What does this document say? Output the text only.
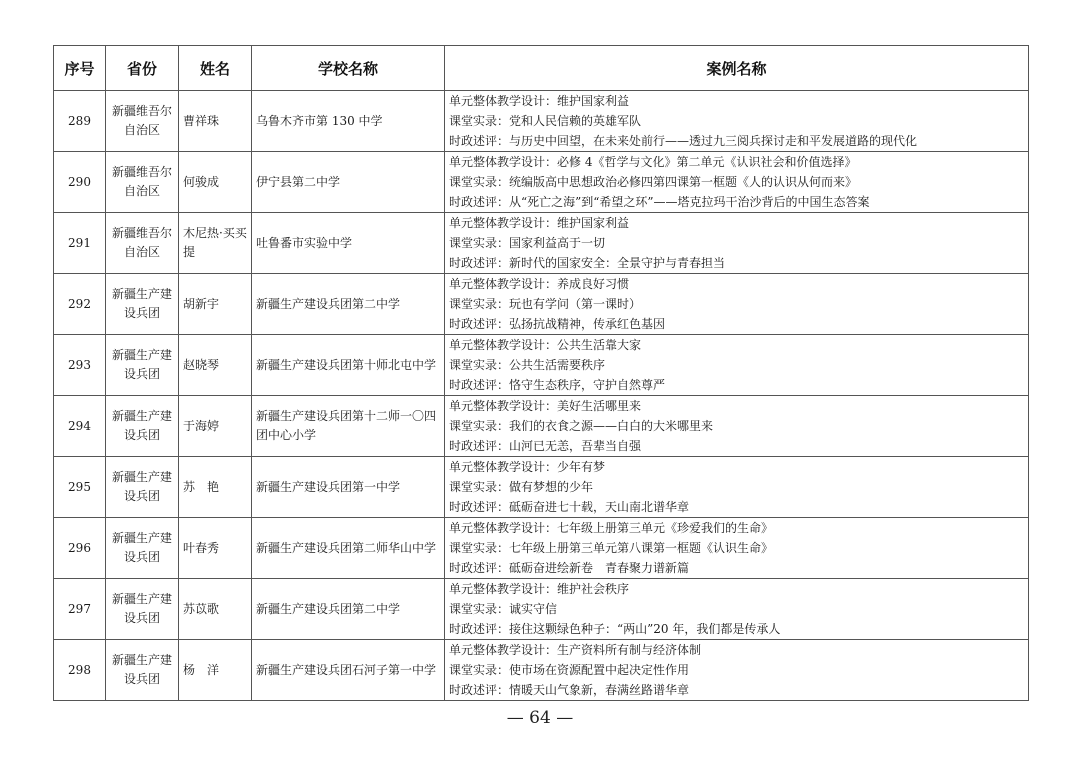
序号	省份	姓名	学校名称	案例名称
289	新疆维吾尔自治区	曹祥珠	乌鲁木齐市第 130 中学	单元整体教学设计：维护国家利益
课堂实录：党和人民信赖的英雄军队
时政述评：与历史中回望，在未来处前行——透过九三阅兵探讨走和平发展道路的现代化

290	新疆维吾尔自治区	何骏成	伊宁县第二中学	单元整体教学设计：必修 4《哲学与文化》第二单元《认识社会和价值选择》
课堂实录：统编版高中思想政治必修四第四课第一框题《人的认识从何而来》
时政述评：从“死亡之海”到“希望之环”——塔克拉玛干治沙背后的中国生态答案

291	新疆维吾尔自治区	木尼热·买买提	吐鲁番市实验中学	单元整体教学设计：维护国家利益
课堂实录：国家利益高于一切
时政述评：新时代的国家安全：全景守护与青春担当

292	新疆生产建设兵团	胡新宇	新疆生产建设兵团第二中学	单元整体教学设计：养成良好习惯
课堂实录：玩也有学问（第一课时）
时政述评：弘扬抗战精神，传承红色基因

293	新疆生产建设兵团	赵晓琴	新疆生产建设兵团第十师北屯中学	单元整体教学设计：公共生活靠大家
课堂实录：公共生活需要秩序
时政述评：恪守生态秩序，守护自然尊严

294	新疆生产建设兵团	于海婷	新疆生产建设兵团第十二师一〇四团中心小学	单元整体教学设计：美好生活哪里来
课堂实录：我们的衣食之源——白白的大米哪里来
时政述评：山河已无恙，吾辈当自强

295	新疆生产建设兵团	苏　艳	新疆生产建设兵团第一中学	单元整体教学设计：少年有梦
课堂实录：做有梦想的少年
时政述评：砥砺奋进七十载，天山南北谱华章

296	新疆生产建设兵团	叶春秀	新疆生产建设兵团第二师华山中学	单元整体教学设计：七年级上册第三单元《珍爱我们的生命》
课堂实录：七年级上册第三单元第八课第一框题《认识生命》
时政述评：砥砺奋进绘新卷　青春聚力谱新篇

297	新疆生产建设兵团	苏苡歌	新疆生产建设兵团第二中学	单元整体教学设计：维护社会秩序
课堂实录：诚实守信
时政述评：接住这颗绿色种子：“两山”20 年，我们都是传承人

298	新疆生产建设兵团	杨　洋	新疆生产建设兵团石河子第一中学	单元整体教学设计：生产资料所有制与经济体制
课堂实录：使市场在资源配置中起决定性作用
时政述评：情暖天山气象新，春满丝路谱华章
— 64 —
